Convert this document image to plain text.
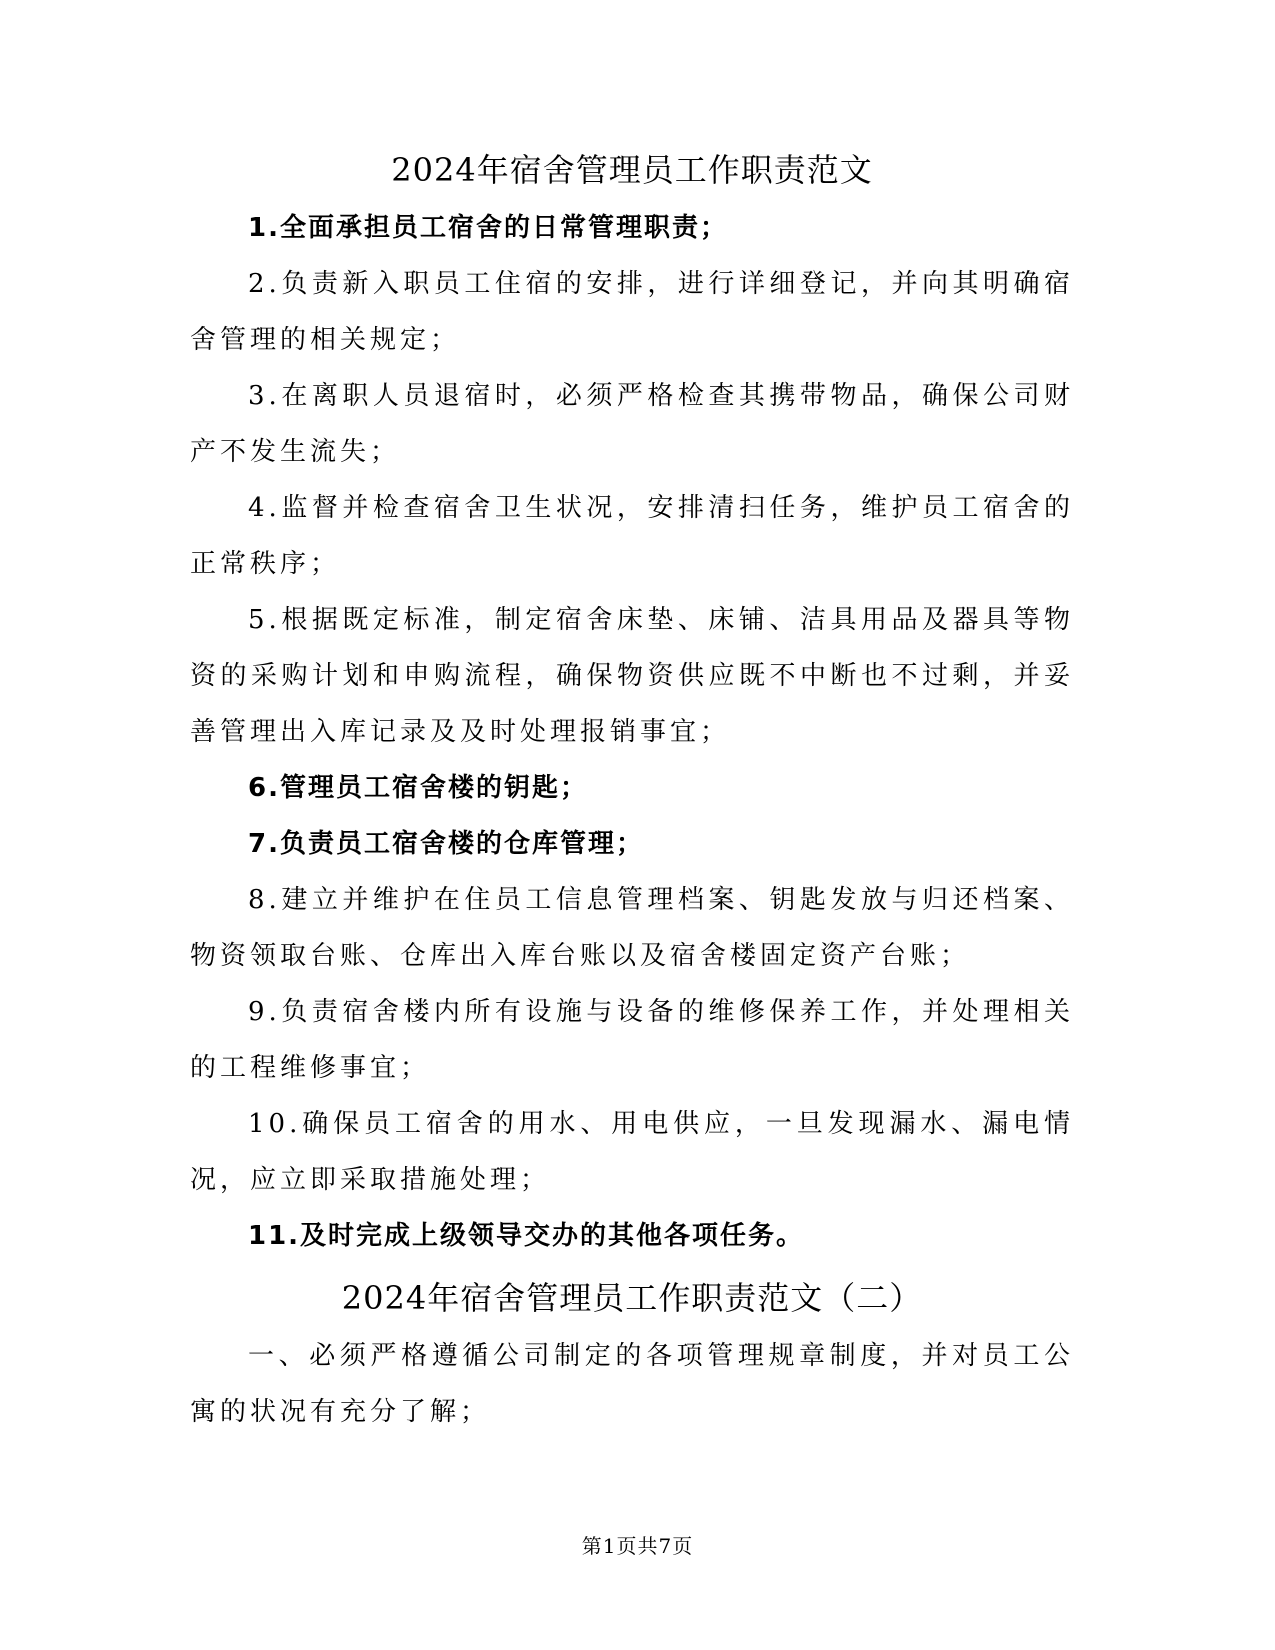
2024年宿舍管理员工作职责范文

1.全面承担员工宿舍的日常管理职责；

2.负责新入职员工住宿的安排，进行详细登记，并向其明确宿舍管理的相关规定；

3.在离职人员退宿时，必须严格检查其携带物品，确保公司财产不发生流失；

4.监督并检查宿舍卫生状况，安排清扫任务，维护员工宿舍的正常秩序；

5.根据既定标准，制定宿舍床垫、床铺、洁具用品及器具等物资的采购计划和申购流程，确保物资供应既不中断也不过剩，并妥善管理出入库记录及及时处理报销事宜；

6.管理员工宿舍楼的钥匙；

7.负责员工宿舍楼的仓库管理；

8.建立并维护在住员工信息管理档案、钥匙发放与归还档案、物资领取台账、仓库出入库台账以及宿舍楼固定资产台账；

9.负责宿舍楼内所有设施与设备的维修保养工作，并处理相关的工程维修事宜；

10.确保员工宿舍的用水、用电供应，一旦发现漏水、漏电情况，应立即采取措施处理；

11.及时完成上级领导交办的其他各项任务。

2024年宿舍管理员工作职责范文（二）

一、必须严格遵循公司制定的各项管理规章制度，并对员工公寓的状况有充分了解；

第1页共7页
